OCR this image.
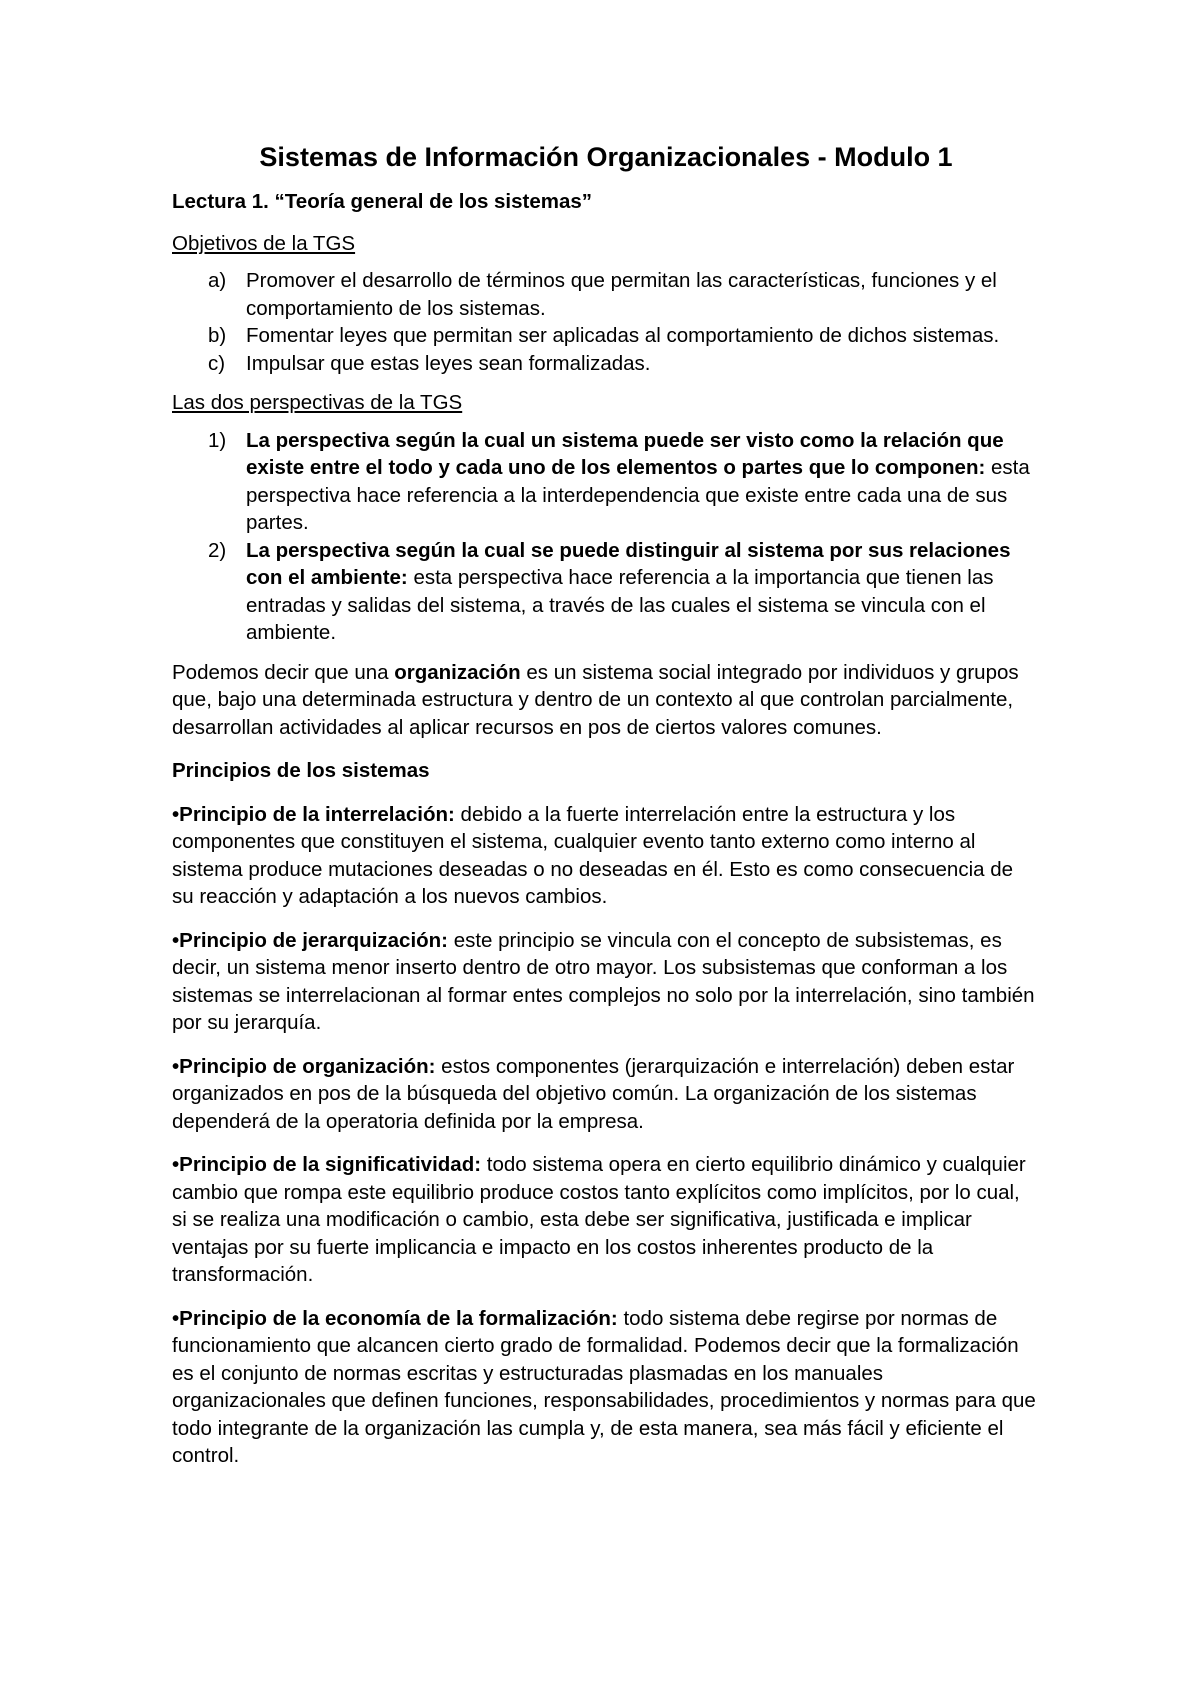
Sistemas de Información Organizacionales - Modulo 1
Lectura 1. “Teoría general de los sistemas”
Objetivos de la TGS
a) Promover el desarrollo de términos que permitan las características, funciones y el comportamiento de los sistemas.
b) Fomentar leyes que permitan ser aplicadas al comportamiento de dichos sistemas.
c) Impulsar que estas leyes sean formalizadas.
Las dos perspectivas de la TGS
1) La perspectiva según la cual un sistema puede ser visto como la relación que existe entre el todo y cada uno de los elementos o partes que lo componen: esta perspectiva hace referencia a la interdependencia que existe entre cada una de sus partes.
2) La perspectiva según la cual se puede distinguir al sistema por sus relaciones con el ambiente: esta perspectiva hace referencia a la importancia que tienen las entradas y salidas del sistema, a través de las cuales el sistema se vincula con el ambiente.

Podemos decir que una organización es un sistema social integrado por individuos y grupos que, bajo una determinada estructura y dentro de un contexto al que controlan parcialmente, desarrollan actividades al aplicar recursos en pos de ciertos valores comunes.

Principios de los sistemas

•Principio de la interrelación: debido a la fuerte interrelación entre la estructura y los componentes que constituyen el sistema, cualquier evento tanto externo como interno al sistema produce mutaciones deseadas o no deseadas en él. Esto es como consecuencia de su reacción y adaptación a los nuevos cambios.

•Principio de jerarquización: este principio se vincula con el concepto de subsistemas, es decir, un sistema menor inserto dentro de otro mayor. Los subsistemas que conforman a los sistemas se interrelacionan al formar entes complejos no solo por la interrelación, sino también por su jerarquía.

•Principio de organización: estos componentes (jerarquización e interrelación) deben estar organizados en pos de la búsqueda del objetivo común. La organización de los sistemas dependerá de la operatoria definida por la empresa.

•Principio de la significatividad: todo sistema opera en cierto equilibrio dinámico y cualquier cambio que rompa este equilibrio produce costos tanto explícitos como implícitos, por lo cual, si se realiza una modificación o cambio, esta debe ser significativa, justificada e implicar ventajas por su fuerte implicancia e impacto en los costos inherentes producto de la transformación.

•Principio de la economía de la formalización: todo sistema debe regirse por normas de funcionamiento que alcancen cierto grado de formalidad. Podemos decir que la formalización es el conjunto de normas escritas y estructuradas plasmadas en los manuales organizacionales que definen funciones, responsabilidades, procedimientos y normas para que todo integrante de la organización las cumpla y, de esta manera, sea más fácil y eficiente el control.
